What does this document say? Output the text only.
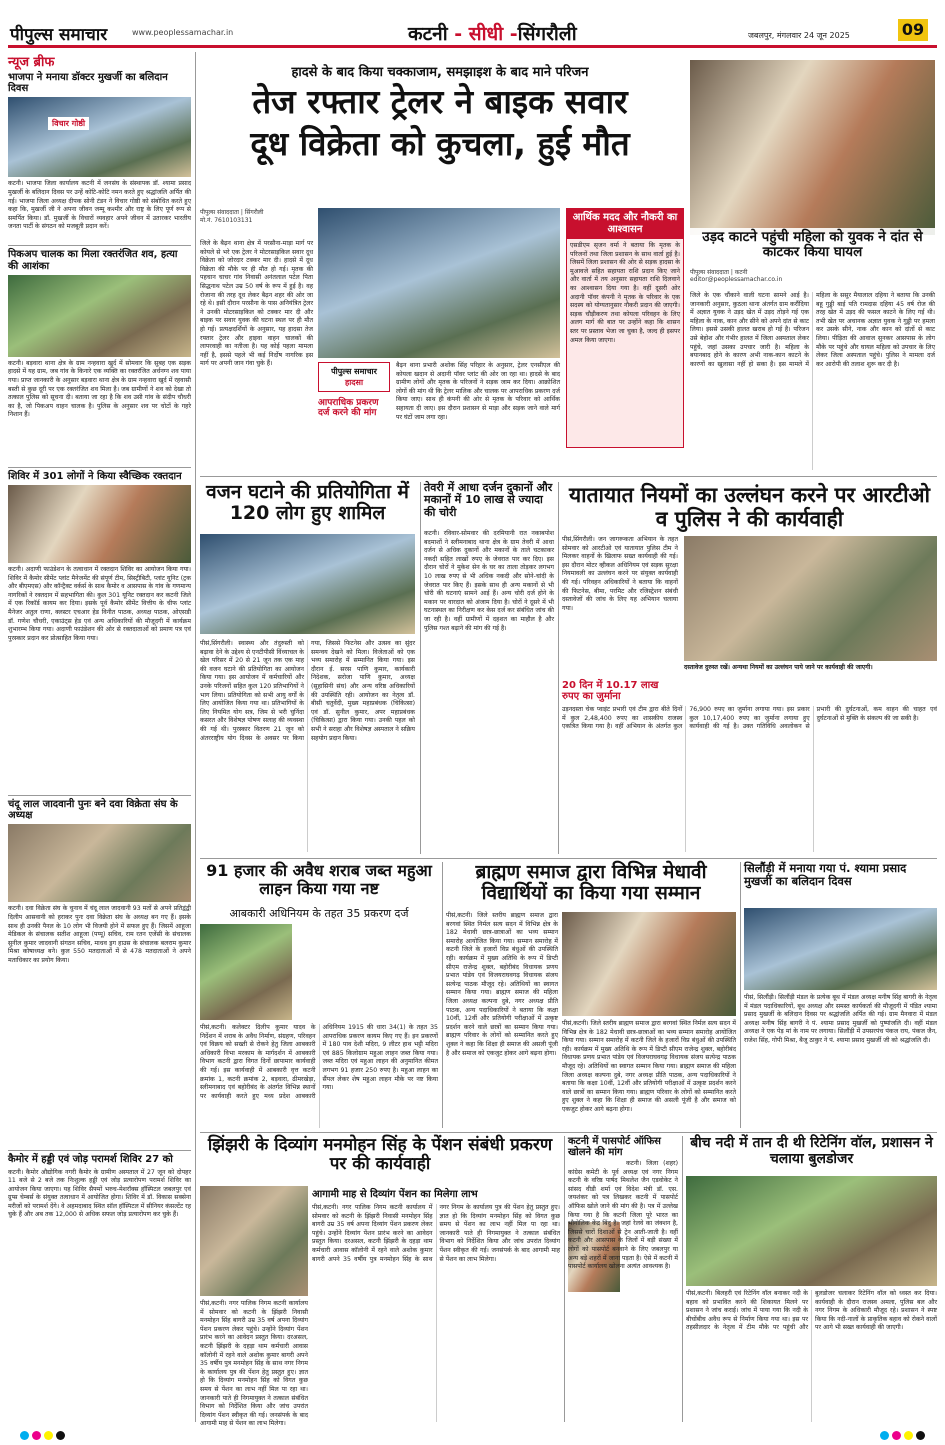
पीपुल्स समाचार	www.peoplessamachar.in	कटनी - सीधी -सिंगरौली	जबलपुर, मंगलवार 24 जून 2025	09
न्यूज ब्रीफ
भाजपा ने मनाया डॉक्टर मुखर्जी का बलिदान दिवस
विचार गोष्ठी
कटनी। भाजपा जिला कार्यालय कटनी में जनसंघ के संस्थापक डॉ. श्यामा प्रसाद मुखर्जी के बलिदान दिवस पर उन्हें कोटि-कोटि नमन करते हुए श्रद्धांजलि अर्पित की गई। भाजपा जिला अध्यक्ष दीपक सोनी टंडन ने विचार गोष्ठी को संबोधित करते हुए कहा कि, मुखर्जी जी ने अपना जीवन जम्मू कश्मीर और राष्ट्र के लिए पूर्ण रूप से समर्पित किया। डॉ. मुखर्जी के विचारों व्यवहार अपने जीवन में उतारकर भारतीय जनता पार्टी के संगठन को मजबूती प्रदान करें।
पिकअप चालक का मिला रक्तरंजित शव, हत्या की आशंका
कटनी। बड़वारा थाना क्षेत्र के ग्राम नन्हवारा खुर्द में सोमवार कि सुबह एक सड़क हादसे में यह ग्राम, जब गांव के किनारे एक व्यक्ति का रक्तरंजित अर्धनग्न शव पाया गया। प्राप्त जानकारी के अनुसार बड़वारा थाना क्षेत्र के ग्राम नन्हवारा खुर्द में रहवासी बस्ती से कुछ दूरी पर एक रक्तरंजित शव मिला है। जब ग्रामीणों ने शव को देखा तो तत्काल पुलिस को सूचना दी। बताया जा रहा है कि शव उसी गांव के संदीप चौधरी का है, जो पिकअप वाहन चालक है। पुलिस के अनुसार शव पर चोटों के गहरे निशान हैं।
शिविर में 301 लोगों ने किया स्वैच्छिक रक्तदान
कटनी। अदाणी फाउंडेशन के तत्वाधान में रक्तदान शिविर का आयोजन किया गया। शिविर में कैमोर सीमेंट प्लांट मैनेजमेंट की संपूर्ण टीम, सिस्ट्रीबिटी, प्लांट यूनिट (ट्रक और बीएमएस) और कॉन्ट्रैक्ट वर्कर्स के साथ कैमोर व आसपास के गांव के गणमान्य नागरिकों ने रक्तदान में सहभागिता की। कुल 301 यूनिट रक्तदान कर कटनी जिले में एक रिकॉर्ड कायम कर दिया। इसके पूर्व कैमोर सीमेंट वित्तीय के चीफ प्लांट मैनेजर अतुल राणा, क्लस्टर एचआर हेड विनीत पाठक, अध्यक्ष पाठक, ओएसडी डॉ. गणेश चौधरी, एकाउंट्स हेड एवं अन्य अधिकारियों की मौजूदगी में कार्यक्रम शुभारम्भ किया गया। अदाणी फाउंडेशन की ओर से रक्तदाताओं को प्रमाण पत्र एवं पुरस्कार प्रदान कर प्रोत्साहित किया गया।
चंदू लाल जादवानी पुनः बने दवा विक्रेता संघ के अध्यक्ष
कटनी। दवा विक्रेता संघ के चुनाव में चंदू लाल जादवानी 93 मतों से अपने प्रतिद्वंद्वी दिलीप आसवानी को हराकर पुनः दवा विक्रेता संघ के अध्यक्ष बन गए हैं। इसके साथ ही उनकी पैनल के 10 लोग भी विजयी होने में सफल हुए हैं। जिसमें आहूजा मेडिकल के संचालक सतीश आहूजा (पप्पू) सचिव, राम रतन एजेंसी के संचालक सुनील कुमार जादवानी संगठन सचिव, माधव ड्रग हाउस के संचालक बलराम कुमार मिश्रा कोषाध्यक्ष बने। कुल 550 मतदाताओं में से 478 मतदाताओं ने अपने मताधिकार का प्रयोग किया।
कैमोर में हड्डी एवं जोड़ परामर्श शिविर 27 को
कटनी। कैमोर औद्योगिक नगरी कैमोर के ग्रामीण अस्पताल में 27 जून को दोपहर 11 बजे से 2 बजे तक निःशुल्क हड्डी एवं जोड़ प्रत्यारोपण परामर्श शिविर का आयोजन किया जाएगा। यह शिविर सैफ्मों भरुच-मेशरॉक्स हॉस्पिटल जबलपुर एवं ग्रुप्स चेम्बर्स के संयुक्त तत्वाधान में आयोजित होगा। शिविर में डॉ. विकास सक्सेना मरीजों को परामर्श देंगे। वे अहमदाबाद स्थित सॉल हॉस्पिटल में सीनियर कंसल्टेंट रह चुके हैं और अब तक 12,000 से अधिक सफल जोड़ प्रत्यारोपण कर चुके हैं।
हादसे के बाद किया चक्काजाम, समझाइश के बाद माने परिजन
तेज रफ्तार ट्रेलर ने बाइक सवार
दूध विक्रेता को कुचला, हुई मौत
पीपुल्स संवाददाता | सिंगरौली
मो.नं. 7610103131
जिले के बैढ़न थाना क्षेत्र में परसौना-माड़ा मार्ग पर कोयले से भरे एक ट्रेलर ने मोटरसाइकिल सवार दूध विक्रेता को जोरदार टक्कर मार दी। हादसे में दूध विक्रेता की मौके पर ही मौत हो गई। मृतक की पहचान चाचर गांव निवासी अनंतलाल पटेल पिता सिद्धनाथ पटेल उम्र 50 वर्ष के रूप में हुई है। वह रोजाना की तरह दूध लेकर बैढ़न शहर की ओर जा रहे थे। इसी दौरान परसौना के पास अनियंत्रित ट्रेलर ने उनकी मोटरसाइकिल को टक्कर मार दी और बाइक पर सवार युवक की घटना स्थल पर ही मौत हो गई। प्रत्यक्षदर्शियों के अनुसार, यह हादसा तेज रफ्तार ट्रेलर और हाइवा वाहन चालकों की लापरवाही का नतीजा है। यह कोई पहला मामला नहीं है, इससे पहले भी कई निर्दोष नागरिक इस मार्ग पर अपनी जान गंवा चुके हैं।
पीपुल्स समाचार
हादसा
आपराधिक प्रकरण दर्ज करने की मांग
बैढ़न थाना प्रभारी अशोक सिंह परिहार के अनुसार, ट्रेलर एनसीएल की कोयला खदान से अदानी पॉवर प्लांट की ओर जा रहा था। हादसे के बाद ग्रामीण लोगों और मृतक के परिजनों ने सड़क जाम कर दिया। आक्रोशित लोगों की मांग थी कि ट्रेलर मालिक और चालक पर आपराधिक प्रकरण दर्ज किया जाए। साथ ही कंपनी की ओर से मृतक के परिवार को आर्थिक सहायता दी जाए। इस दौरान प्रशासन से माड़ा और सड़क जाने वाले मार्ग पर घंटों जाम लगा रहा।
आर्थिक मदद और नौकरी का आश्वासन
एसडीएम सृजन वर्मा ने बताया कि मृतक के परिजनों तथा जिला प्रशासन के साथ वार्ता हुई है। जिसमें जिला प्रशासन की ओर से सड़क हादसा के मुआवजे सहित सहायता राशि प्रदान किए जाने और वार्ता में तय अनुसार सहायता राशि दिलवाने का आश्वासन दिया गया है। वहीं दूसरी ओर अदानी पॉवर कंपनी ने मृतक के परिवार के एक सदस्य को योग्यतानुसार नौकरी प्रदान की जाएगी। सड़क चौड़ीकरण तथा कोयला परिवहन के लिए अलग मार्ग की बात पर उन्होंने कहा कि शासन स्तर पर प्रस्ताव भेजा जा चुका है, जल्द ही इसपर अमल किया जाएगा।
उड़द काटने पहुंची महिला को युवक ने दांत से काटकर किया घायल
पीपुल्स संवाददाता | कटनी
editor@peoplessamachar.co.in
जिले के एक चौंकाने वाली घटना सामने आई है। जानकारी अनुसार, कुठला थाना अंतर्गत ग्राम करौंदिया में अज्ञात युवक ने उड़द खेत में उड़द तोड़ने गई एक महिला के नाक, कान और सीने को अपने दांत से काट लिया। इससे उसकी हालत खराब हो गई है। परिजन उसे बेहोश और गंभीर हालत में जिला अस्पताल लेकर पहुंचे, जहां उसका उपचार जारी है। महिला के बयानबाद होने के कारण अभी नाक-कान काटने के कारणों का खुलासा नहीं हो सका है। इस मामले में महिला के ससुर मैयालाल दहिया ने बताया कि उनकी बहू गुड्डी बाई पति रामदास दहिया 45 वर्ष रोज की तरह खेत में उड़द की फसल काटने के लिए गई थी। तभी खेत पर अचानक अज्ञात युवक ने गुड्डी पर हमला कर उसके सीने, नाक और कान को दांतों से काट लिया। पीड़िता की आवाज सुनकर आसपास के लोग मौके पर पहुंचे और घायल महिला को उपचार के लिए लेकर जिला अस्पताल पहुंचे। पुलिस ने मामला दर्ज कर आरोपी की तलाश शुरू कर दी है।
वजन घटाने की प्रतियोगिता में 120 लोग हुए शामिल
पीसं,सिंगरौली। स्वास्थ्य और तंदुरुस्ती को बढ़ावा देने के उद्देश्य से एनटीपीसी विंध्याचल के खेल परिसर में 20 से 21 जून तक एक माह की वजन घटाने की प्रतियोगिता का आयोजन किया गया। इस आयोजन में कर्मचारियों और उनके परिजनों सहित कुल 120 प्रतिभागियों ने भाग लिया। प्रतियोगिता को सभी आयु वर्गों के लिए आयोजित किया गया था। प्रतिभागियों के लिए नियमित योग सत्र, जिम से भरी चुनिंदा कसरत और विशेषज्ञ पोषण सलाह की व्यवस्था की गई थी। पुरस्कार वितरण 21 जून को अंतरराष्ट्रीय योग दिवस के अवसर पर किया गया, जिससे फिटनेस और उत्सव का सुंदर समन्वय देखने को मिला। विजेताओं को एक भव्य समारोह में सम्मानित किया गया। इस दौरान ई. सरस पाणि कुमार, कार्यकारी निदेशक, सरोजा पाणि कुमार, अध्यक्ष (सुहासिनी संघ) और अन्य वरिष्ठ अधिकारियों की उपस्थिति रही। आयोजन का नेतृत्व डॉ. बीसी चतुर्वेदी, मुख्य महाप्रबंधक (चिकित्सा) एवं डॉ. सुनील कुमार, अपर महाप्रबंधक (चिकित्सा) द्वारा किया गया। उनकी पहल को सभी ने सराहा और विशेषज्ञ अस्पताल ने सक्रिय सहयोग प्रदान किया।
तेवरी में आधा दर्जन दुकानों और मकानों में 10 लाख से ज्यादा की चोरी
कटनी। रविवार-सोमवार की दरमियानी रात नकाबपोश बदमाशों ने स्लीमनाबाद थाना क्षेत्र के ग्राम तेवरी में आधा दर्जन से अधिक दुकानों और मकानों के ताले चटकाकर नकदी सहित लाखों रुपए के जेवरात पार कर दिए। इस दौरान चोरों ने मुकेश सेन के घर का ताला तोड़कर लगभग 10 लाख रुपए से भी अधिक नकदी और सोने-चांदी के जेवरात पार किए हैं। इसके साथ ही अन्य मकानों से भी चोरी की घटनाएं सामने आई हैं। अन्य चोरी दर्ज होने के मकान पर वारदात को अंजाम दिया है। चोरों ने दूसरे में भी घटनास्थल का निरीक्षण कर केस दर्ज कर संबंधित जांच की जा रही है। वहीं ग्रामीणों में दहशत का माहौल है और पुलिस गश्त बढ़ाने की मांग की गई है।
यातायात नियमों का उल्लंघन करने पर आरटीओ व पुलिस ने की कार्यवाही
पीसं,सिंगरौली। जन जागरूकता अभियान के तहत सोमवार को आरटीओ एवं यातायात पुलिस टीम ने मिलकर वाहनों के खिलाफ सख्त कार्यवाही की गई। इस दौरान मोटर व्हीकल अधिनियम एवं सड़क सुरक्षा नियमावली का उल्लंघन करने पर संयुक्त कार्यवाही की गई। परिवहन अधिकारियों ने बताया कि वाहनों की फिटनेस, बीमा, परमिट और रजिस्ट्रेशन संबंधी दस्तावेजों की जांच के लिए यह अभियान चलाया गया।
20 दिन में 10.17 लाख रुपए का जुर्माना
उड़नदस्ता चेक प्वाइंट प्रभारी एवं टीम द्वारा बीते दिनों में कुल 2,48,400 रुपए का शासकीय राजस्व एकत्रित किया गया है। वहीं अभियान के अंतर्गत कुल 76,900 रुपए का जुर्माना लगाया गया। इस प्रकार कुल 10,17,400 रुपए का जुर्माना लगाया हुए कार्यवाही की गई है। उक्त गतिविधि अवलोकन से प्रभारी की दुर्घटनाओं, कम वाहन की चाहत एवं दुर्घटनाओं से मुक्ति के संकल्प की जा सकी है।
दस्तावेज दुरुस्त रखें। अन्यथा नियमों का उल्लंघन पाये जाने पर कार्यवाही की जाएगी।
91 हजार की अवैध शराब जब्त महुआ लाहन किया गया नष्ट
आबकारी अधिनियम के तहत 35 प्रकरण दर्ज
पीसं,कटनी। कलेक्टर दिलीप कुमार यादव के निर्देशन में शराब के अवैध निर्माण, संग्रहण, परिवहन एवं विक्रय को सख्ती से रोकने हेतु जिला आबकारी अधिकारी विभा मरकाम के मार्गदर्शन में आबकारी विभाग कटनी द्वारा विगत दिनों छापामार कार्यवाही की गई। इस कार्यवाही में आबकारी वृत्त कटनी क्रमांक 1, कटनी क्रमांक 2, बड़वारा, ढीमरखेड़ा, स्लीमनाबाद एवं बहोरीबंद के अंतर्गत विभिन्न स्थानों पर कार्यवाही करते हुए मध्य प्रदेश आबकारी अधिनियम 1915 की धारा 34(1) के तहत 35 आपराधिक प्रकरण कायम किए गए हैं। इन प्रकरणों में 180 पाव देशी मदिरा, 9 लीटर हाथ भट्टी मदिरा एवं 885 किलोग्राम महुआ लाहन जब्त किया गया। जब्त मदिरा एवं महुआ लाहन की अनुमानित कीमत लगभग 91 हजार 250 रुपए है। महुआ लाहन का सैंपल लेकर शेष महुआ लाहन मौके पर नष्ट किया गया।
ब्राह्मण समाज द्वारा विभिन्न मेधावी विद्यार्थियों का किया गया सम्मान
पीसं,कटनी। जिले स्तरीय ब्राह्मण समाज द्वारा बरगवां स्थित निर्मल सत्य सदन में विभिन्न क्षेत्र के 182 मेधावी छात्र-छात्राओं का भव्य सम्मान समारोह आयोजित किया गया। सम्मान समारोह में कटनी जिले के हजारों विप्र बंधुओं की उपस्थिति रही। कार्यक्रम में मुख्य अतिथि के रूप में डिप्टी सीएम राजेन्द्र शुक्ल, बहोरीबंद विधायक प्रणय प्रभात पांडेय एवं विजयराघवगढ़ विधायक संजय सत्येन्द्र पाठक मौजूद रहे। अतिथियों का स्वागत सम्मान किया गया। ब्राह्मण समाज की महिला जिला अध्यक्ष कल्पना दुबे, नगर अध्यक्ष प्रीति पाठक, अन्य पदाधिकारियों ने बताया कि कक्षा 10वीं, 12वीं और प्रतियोगी परीक्षाओं में उत्कृष्ट प्रदर्शन करने वाले छात्रों का सम्मान किया गया। ब्राह्मण परिवार के लोगों को सम्मानित करते हुए शुक्ल ने कहा कि शिक्षा ही समाज की असली पूंजी है और समाज को एकजुट होकर आगे बढ़ना होगा।
पीसं,कटनी। जिले स्तरीय ब्राह्मण समाज द्वारा बरगवां स्थित निर्मल सत्य सदन में विभिन्न क्षेत्र के 182 मेधावी छात्र-छात्राओं का भव्य सम्मान समारोह आयोजित किया गया। सम्मान समारोह में कटनी जिले के हजारों विप्र बंधुओं की उपस्थिति रही। कार्यक्रम में मुख्य अतिथि के रूप में डिप्टी सीएम राजेन्द्र शुक्ल, बहोरीबंद विधायक प्रणय प्रभात पांडेय एवं विजयराघवगढ़ विधायक संजय सत्येन्द्र पाठक मौजूद रहे। अतिथियों का स्वागत सम्मान किया गया। ब्राह्मण समाज की महिला जिला अध्यक्ष कल्पना दुबे, नगर अध्यक्ष प्रीति पाठक, अन्य पदाधिकारियों ने बताया कि कक्षा 10वीं, 12वीं और प्रतियोगी परीक्षाओं में उत्कृष्ट प्रदर्शन करने वाले छात्रों का सम्मान किया गया। ब्राह्मण परिवार के लोगों को सम्मानित करते हुए शुक्ल ने कहा कि शिक्षा ही समाज की असली पूंजी है और समाज को एकजुट होकर आगे बढ़ना होगा।
सिलौंड़ी में मनाया गया पं. श्यामा प्रसाद मुखर्जी का बलिदान दिवस
पीसं, सिलौंड़ी। सिलौंड़ी मंडल के प्रत्येक बूथ में मंडल अध्यक्ष मनीष सिंह बागरी के नेतृत्व में मंडल पदाधिकारियों, बूथ अध्यक्ष और समस्त कार्यकर्ता की मौजूदगी में पंडित श्यामा प्रसाद मुखर्जी के बलिदान दिवस पर श्रद्धांजलि अर्पित की गई। ग्राम मैनवारा में मंडल अध्यक्ष मनीष सिंह बागरी ने पं. श्यामा प्रसाद मुखर्जी को पुष्पांजलि दी। वहीं मंडल अध्यक्ष ने एक पेड़ मां के नाम पर लगाया। सिलौंड़ी में उपसरपंच पंकज राय, पंकज जैन, राजेश सिंह, गोपी मिश्रा, बैजू ठाकुर ने पं. श्यामा प्रसाद मुखर्जी जी को श्रद्धांजलि दी।
झिंझरी के दिव्यांग मनमोहन सिंह के पेंशन संबंधी प्रकरण पर की कार्यवाही
आगामी माह से दिव्यांग पेंशन का मिलेगा लाभ
पीसं,कटनी। नगर पालिक निगम कटनी कार्यालय में सोमवार को कटनी के झिंझरी निवासी मनमोहन सिंह बागरी उम्र 35 वर्ष अपना दिव्यांग पेंशन प्रकरण लेकर पहुंचे। उन्होंने दिव्यांग पेंशन प्रारंभ करने का आवेदन प्रस्तुत किया। दरअसल, कटनी झिंझरी के दहड़ा थाम कर्मचारी आवास कॉलोनी में रहने वाले अशोक कुमार बागरी अपने 35 वर्षीय पुत्र मनमोहन सिंह के साथ नगर निगम के कार्यालय पुत्र की पेंशन हेतु प्रस्तुत हुए। ज्ञात हो कि दिव्यांग मनमोहन सिंह को विगत कुछ समय से पेंशन का लाभ नहीं मिल पा रहा था। जानकारी पाते ही निगमायुक्त ने तत्काल संबंधित विभाग को निर्देशित किया और जांच उपरांत दिव्यांग पेंशन स्वीकृत की गई। जनसंपर्क के बाद आगामी माह से पेंशन का लाभ मिलेगा।
पीसं,कटनी। नगर पालिक निगम कटनी कार्यालय में सोमवार को कटनी के झिंझरी निवासी मनमोहन सिंह बागरी उम्र 35 वर्ष अपना दिव्यांग पेंशन प्रकरण लेकर पहुंचे। उन्होंने दिव्यांग पेंशन प्रारंभ करने का आवेदन प्रस्तुत किया। दरअसल, कटनी झिंझरी के दहड़ा थाम कर्मचारी आवास कॉलोनी में रहने वाले अशोक कुमार बागरी अपने 35 वर्षीय पुत्र मनमोहन सिंह के साथ नगर निगम के कार्यालय पुत्र की पेंशन हेतु प्रस्तुत हुए। ज्ञात हो कि दिव्यांग मनमोहन सिंह को विगत कुछ समय से पेंशन का लाभ नहीं मिल पा रहा था। जानकारी पाते ही निगमायुक्त ने तत्काल संबंधित विभाग को निर्देशित किया और जांच उपरांत दिव्यांग पेंशन स्वीकृत की गई। जनसंपर्क के बाद आगामी माह से पेंशन का लाभ मिलेगा।
कटनी में पासपोर्ट ऑफिस खोलने की मांग
कटनी। जिला (शहर) कांग्रेस कमेटी के पूर्व अध्यक्ष एवं नगर निगम कटनी के वरिष्ठ पार्षद मिथलेश जैन एडवोकेट ने सांसद वीडी शर्मा एवं विदेश मंत्री डॉ. एस. जयशंकर को पत्र लिखकर कटनी में पासपोर्ट ऑफिस खोले जाने की मांग की है। पत्र में उल्लेख किया गया है कि कटनी जिला पूरे भारत का भौगोलिक केंद्र बिंदु है। जहां रेलवे का जंक्शन है, जिससे चारों दिशाओं से ट्रेन आती-जाती है। वहीं कटनी और आसपास के जिलों में बड़ी संख्या में लोगों को पासपोर्ट बनवाने के लिए जबलपुर या अन्य बड़े शहरों में जाना पड़ता है। ऐसे में कटनी में पासपोर्ट कार्यालय खोलना अत्यंत आवश्यक है।
बीच नदी में तान दी थी रिटेनिंग वॉल, प्रशासन ने चलाया बुलडोजर
पीसं,कटनी। बिलहरी एवं रिटेनिंग वॉल बनाकर नदी के बहाव को प्रभावित करने की शिकायत मिलने पर प्रशासन ने जांच कराई। जांच में पाया गया कि नदी के बीचोंबीच अवैध रूप से निर्माण किया गया था। इस पर तहसीलदार के नेतृत्व में टीम मौके पर पहुंची और बुलडोजर चलाकर रिटेनिंग वॉल को ध्वस्त कर दिया। कार्यवाही के दौरान राजस्व अमला, पुलिस बल और नगर निगम के अधिकारी मौजूद रहे। प्रशासन ने स्पष्ट किया कि नदी-नालों के प्राकृतिक बहाव को रोकने वालों पर आगे भी सख्त कार्यवाही की जाएगी।
